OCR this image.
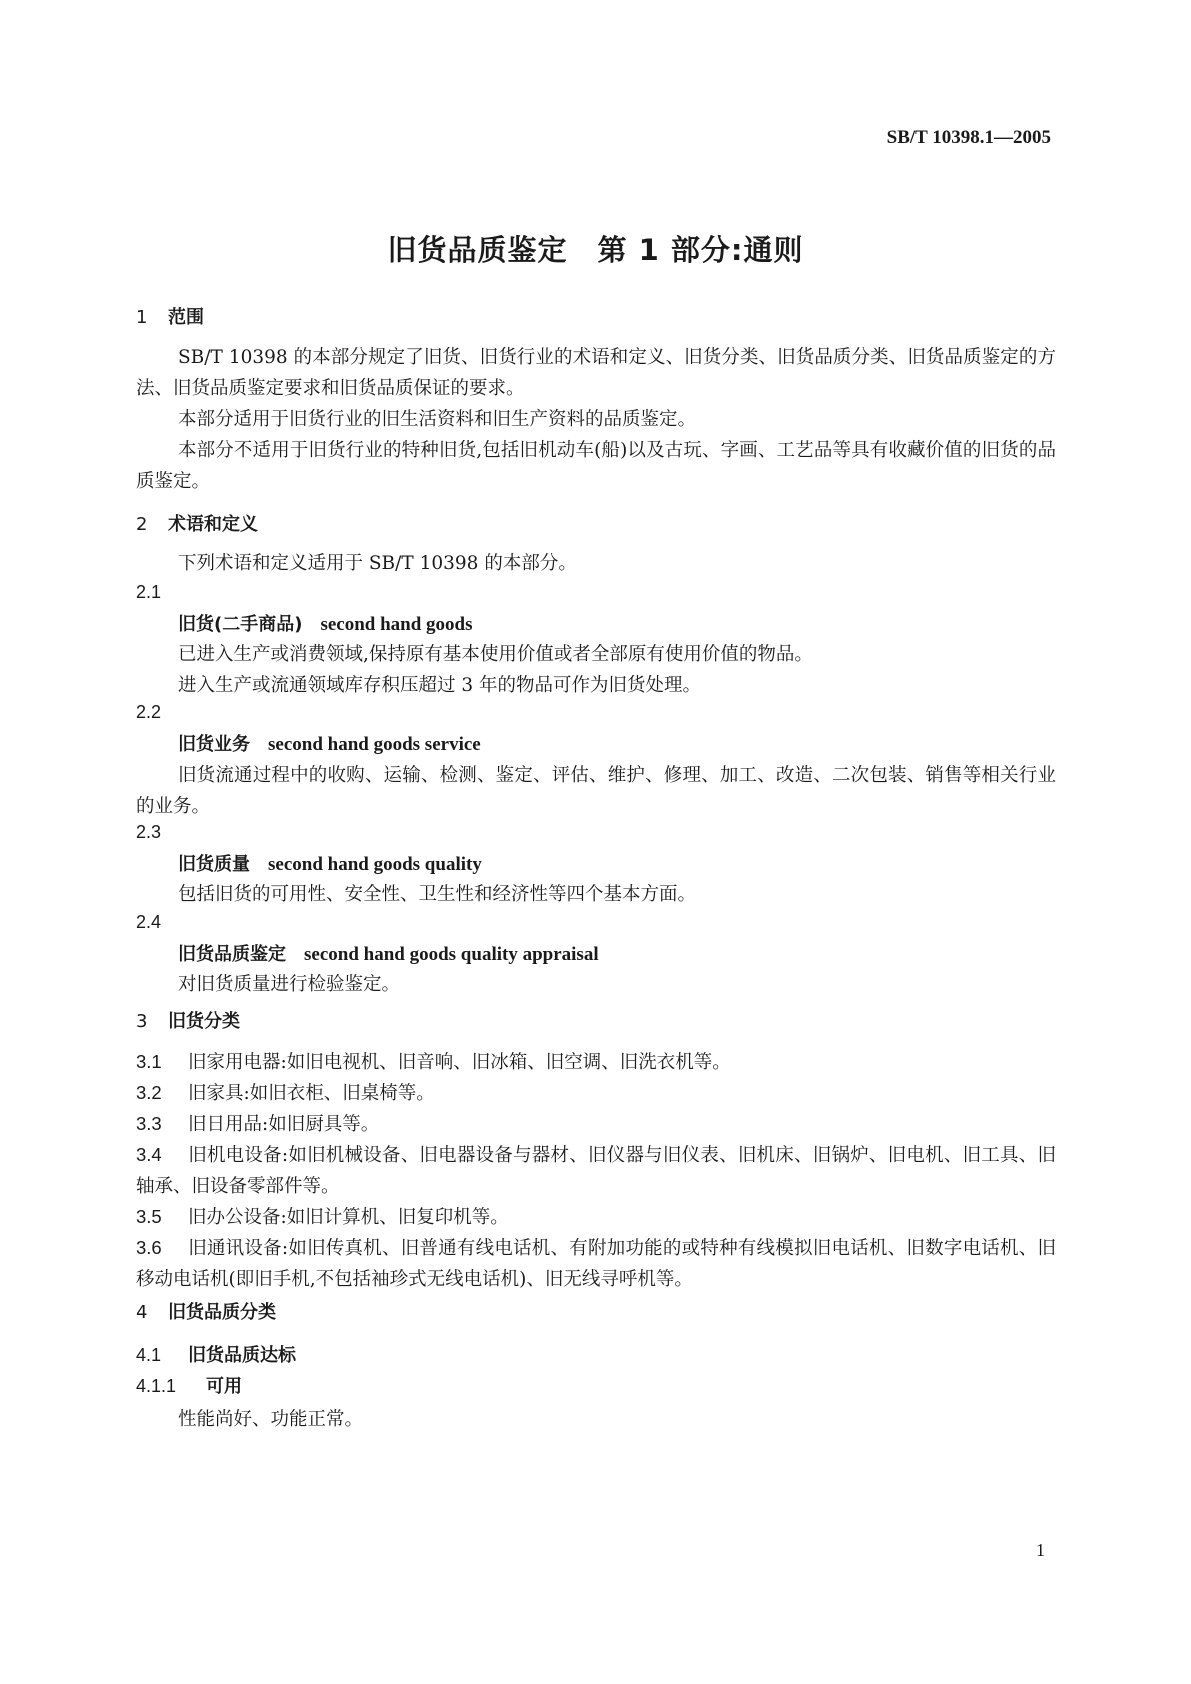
SB/T 10398.1—2005
旧货品质鉴定　第 1 部分:通则
1 范围
SB/T 10398 的本部分规定了旧货、旧货行业的术语和定义、旧货分类、旧货品质分类、旧货品质鉴定的方法、旧货品质鉴定要求和旧货品质保证的要求。
本部分适用于旧货行业的旧生活资料和旧生产资料的品质鉴定。
本部分不适用于旧货行业的特种旧货,包括旧机动车(船)以及古玩、字画、工艺品等具有收藏价值的旧货的品质鉴定。
2 术语和定义
下列术语和定义适用于 SB/T 10398 的本部分。
2.1
旧货(二手商品) second hand goods
已进入生产或消费领域,保持原有基本使用价值或者全部原有使用价值的物品。
进入生产或流通领域库存积压超过 3 年的物品可作为旧货处理。
2.2
旧货业务 second hand goods service
旧货流通过程中的收购、运输、检测、鉴定、评估、维护、修理、加工、改造、二次包装、销售等相关行业的业务。
2.3
旧货质量 second hand goods quality
包括旧货的可用性、安全性、卫生性和经济性等四个基本方面。
2.4
旧货品质鉴定 second hand goods quality appraisal
对旧货质量进行检验鉴定。
3 旧货分类
3.1 旧家用电器:如旧电视机、旧音响、旧冰箱、旧空调、旧洗衣机等。
3.2 旧家具:如旧衣柜、旧桌椅等。
3.3 旧日用品:如旧厨具等。
3.4 旧机电设备:如旧机械设备、旧电器设备与器材、旧仪器与旧仪表、旧机床、旧锅炉、旧电机、旧工具、旧轴承、旧设备零部件等。
3.5 旧办公设备:如旧计算机、旧复印机等。
3.6 旧通讯设备:如旧传真机、旧普通有线电话机、有附加功能的或特种有线模拟旧电话机、旧数字电话机、旧移动电话机(即旧手机,不包括袖珍式无线电话机)、旧无线寻呼机等。
4 旧货品质分类
4.1 旧货品质达标
4.1.1 可用
性能尚好、功能正常。
1
